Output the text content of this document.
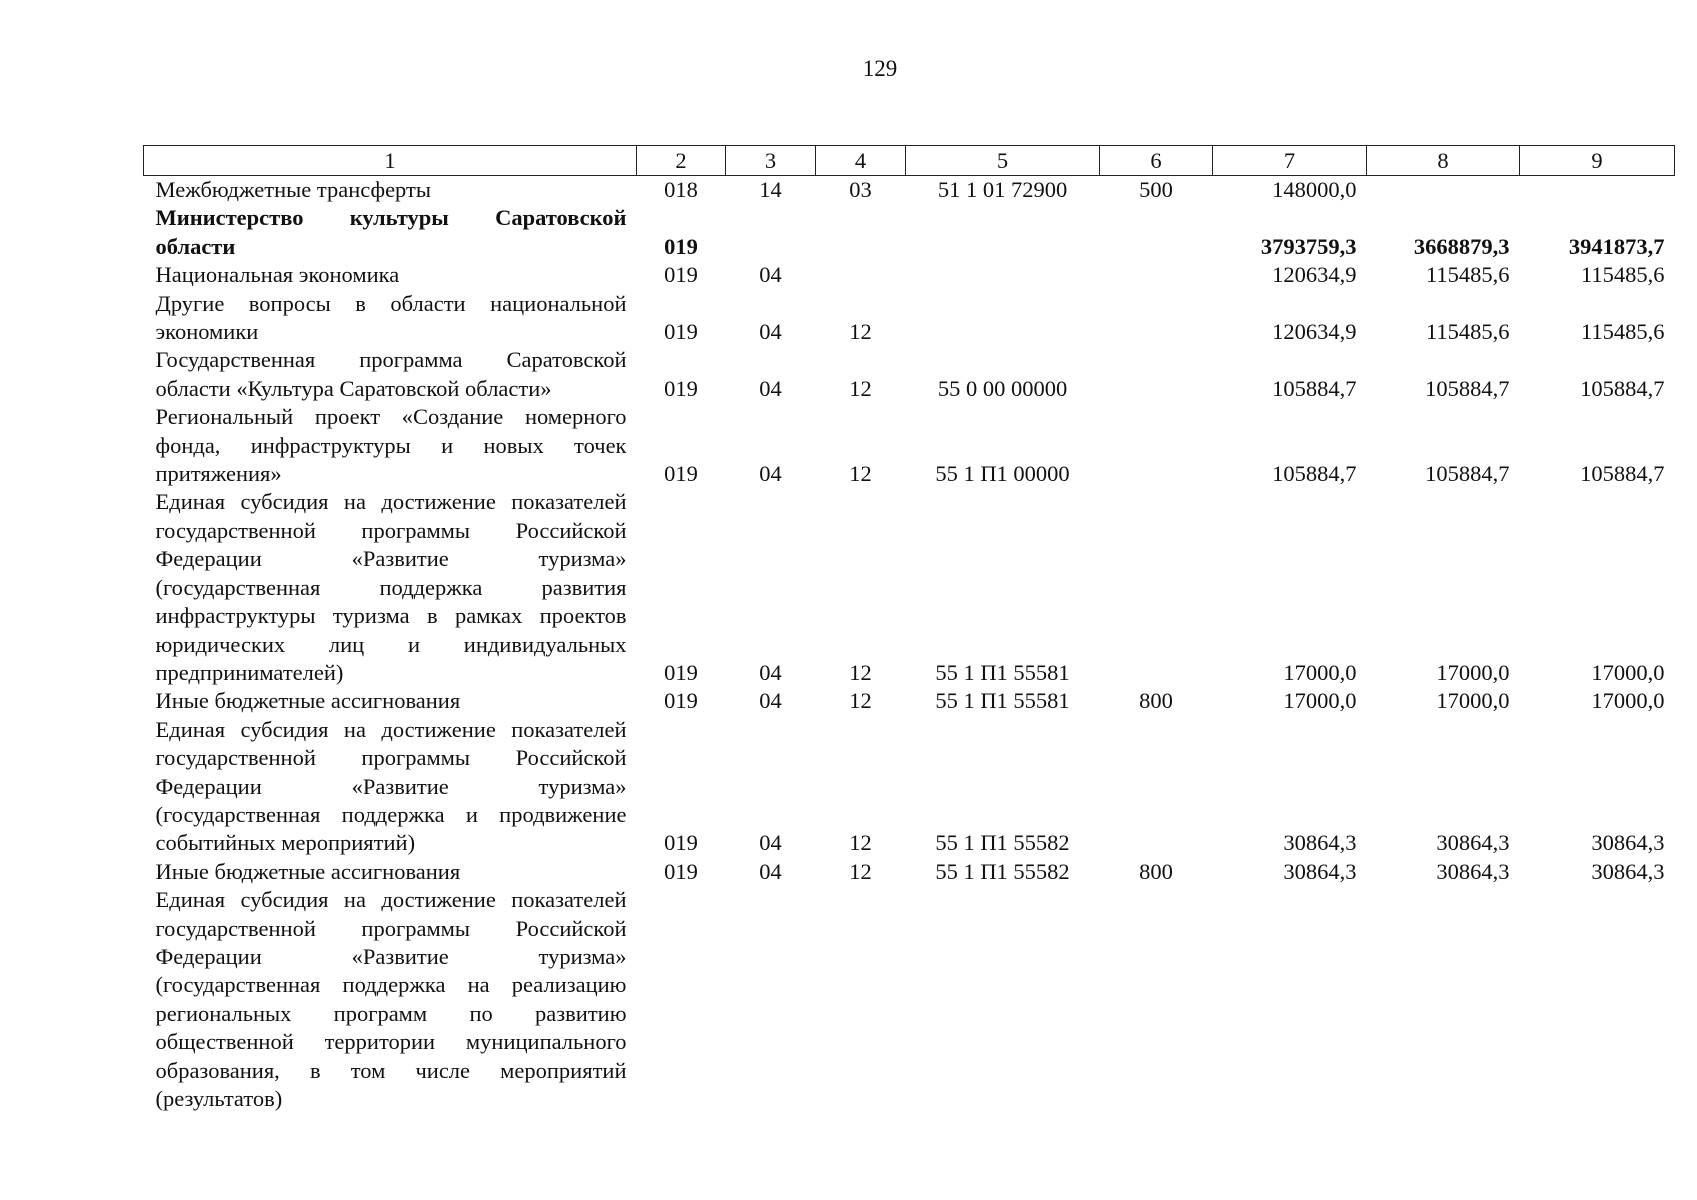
129
1	2	3	4	5	6	7	8	9
Межбюджетные трансферты	018	14	03	51 1 01 72900	500	148000,0		
Министерство культуры Саратовской области	019					3793759,3	3668879,3	3941873,7
Национальная экономика	019	04				120634,9	115485,6	115485,6
Другие вопросы в области национальной экономики	019	04	12			120634,9	115485,6	115485,6
Государственная программа Саратовской области «Культура Саратовской области»	019	04	12	55 0 00 00000		105884,7	105884,7	105884,7
Региональный проект «Создание номерного фонда, инфраструктуры и новых точек притяжения»	019	04	12	55 1 П1 00000		105884,7	105884,7	105884,7
Единая субсидия на достижение показателей государственной программы Российской Федерации «Развитие туризма» (государственная поддержка развития инфраструктуры туризма в рамках проектов юридических лиц и индивидуальных предпринимателей)	019	04	12	55 1 П1 55581		17000,0	17000,0	17000,0
Иные бюджетные ассигнования	019	04	12	55 1 П1 55581	800	17000,0	17000,0	17000,0
Единая субсидия на достижение показателей государственной программы Российской Федерации «Развитие туризма» (государственная поддержка и продвижение событийных мероприятий)	019	04	12	55 1 П1 55582		30864,3	30864,3	30864,3
Иные бюджетные ассигнования	019	04	12	55 1 П1 55582	800	30864,3	30864,3	30864,3
Единая субсидия на достижение показателей государственной программы Российской Федерации «Развитие туризма» (государственная поддержка на реализацию региональных программ по развитию общественной территории муниципального образования, в том числе мероприятий (результатов)								
